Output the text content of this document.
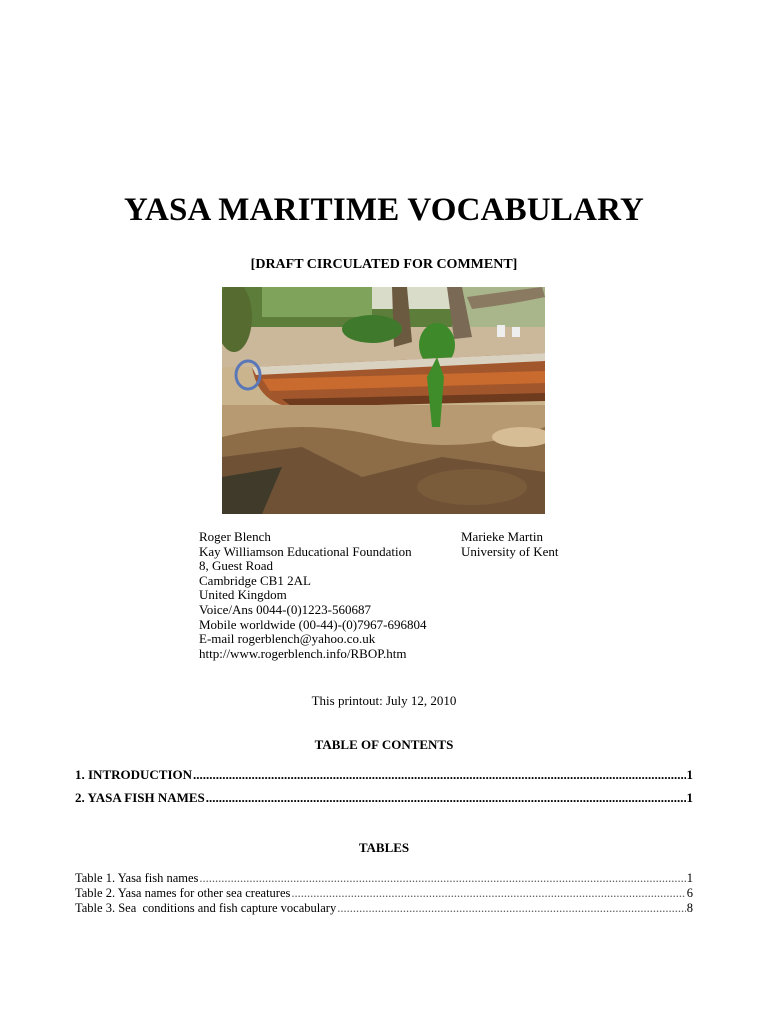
YASA MARITIME VOCABULARY
[DRAFT CIRCULATED FOR COMMENT]
Roger Blench
Kay Williamson Educational Foundation
8, Guest Road
Cambridge CB1 2AL
United Kingdom
Voice/Ans 0044-(0)1223-560687
Mobile worldwide (00-44)-(0)7967-696804
E-mail rogerblench@yahoo.co.uk
http://www.rogerblench.info/RBOP.htm
Marieke Martin
University of Kent
This printout: July 12, 2010
TABLE OF CONTENTS
1. INTRODUCTION .....	1
2. YASA FISH NAMES .....	1
TABLES
Table 1. Yasa fish names .....	1
Table 2. Yasa names for other sea creatures .....	6
Table 3. Sea  conditions and fish capture vocabulary .....	8
